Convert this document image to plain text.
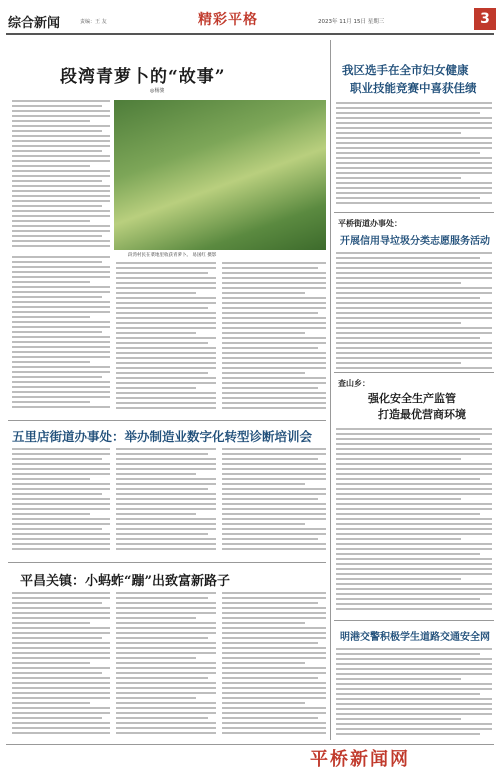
综合新闻	责编：王 友	精彩平格	2023年 11月 15日 星期三	3
段湾青萝卜的“故事”
◎杨骏
段湾村民在菜地里收获青萝卜。 易国红 摄影
五里店街道办事处：举办制造业数字化转型诊断培训会
平昌关镇：小蚂蚱“蹦”出致富新路子
我区选手在全市妇女健康
职业技能竞赛中喜获佳绩
平桥街道办事处：
开展信用导垃圾分类志愿服务活动
查山乡：
强化安全生产监管
打造最优营商环境
明港交警积极学生道路交通安全网
平桥新闻网
